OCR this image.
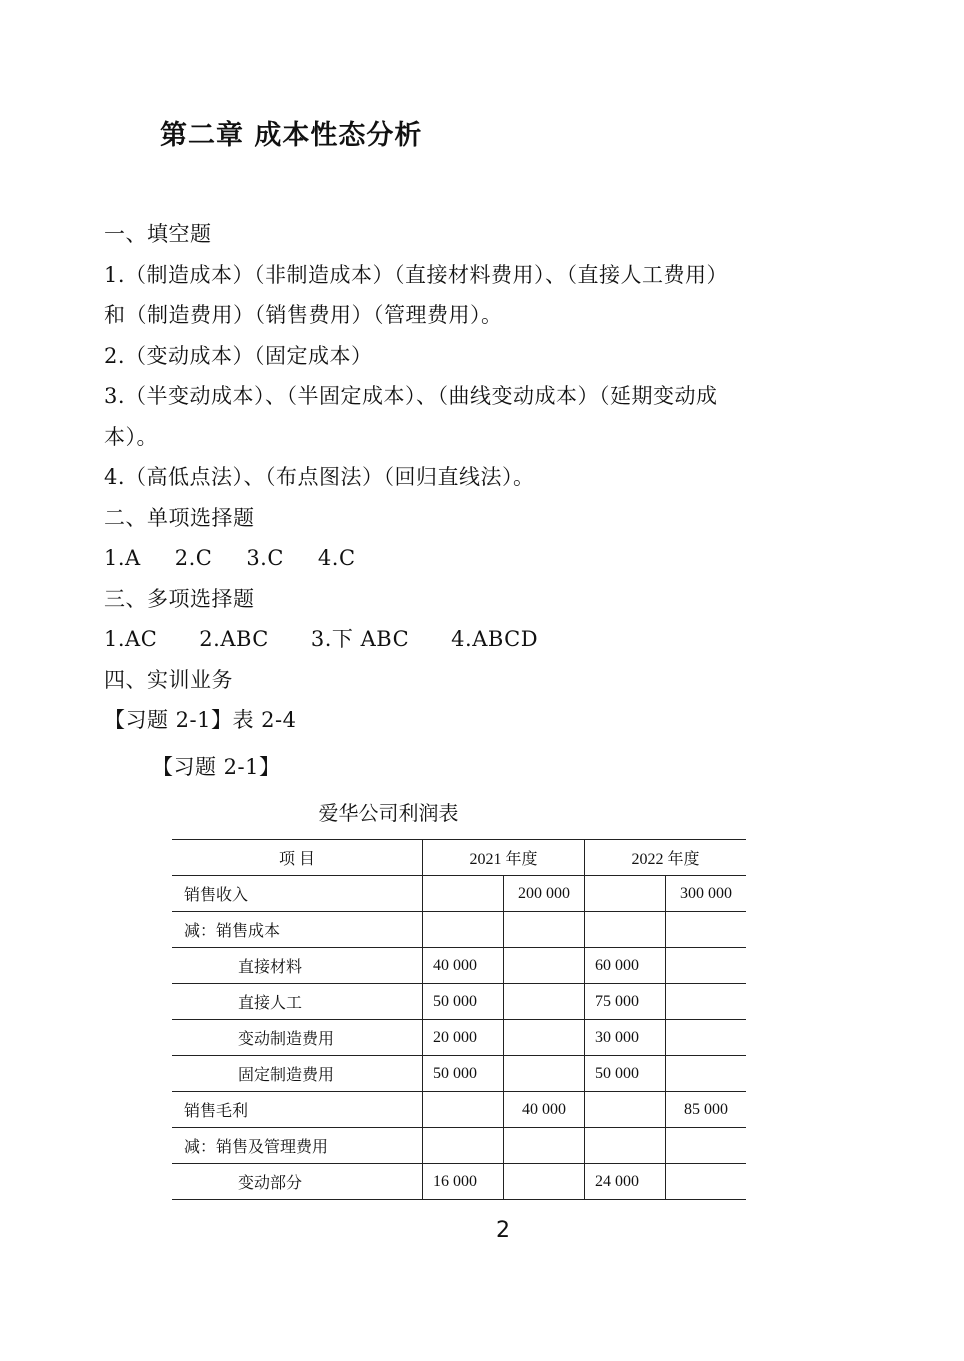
第二章 成本性态分析
一、填空题
1.（制造成本）（非制造成本）（直接材料费用）、（直接人工费用）
和（制造费用）（销售费用）（管理费用）。
2.（变动成本）（固定成本）
3.（半变动成本）、（半固定成本）、（曲线变动成本）（延期变动成
本）。
4.（高低点法）、（布点图法）（回归直线法）。
二、单项选择题
1.A 2.C 3.C 4.C
三、多项选择题
1.AC 2.ABC 3.下 ABC 4.ABCD
四、实训业务
【习题 2-1】表 2-4
【习题 2-1】
爱华公司利润表
项 目	2021 年度		2022 年度	
销售收入		200 000		300 000
减：销售成本				
直接材料	40 000		60 000	
直接人工	50 000		75 000	
变动制造费用	20 000		30 000	
固定制造费用	50 000		50 000	
销售毛利		40 000		85 000
减：销售及管理费用				
变动部分	16 000		24 000	
2
